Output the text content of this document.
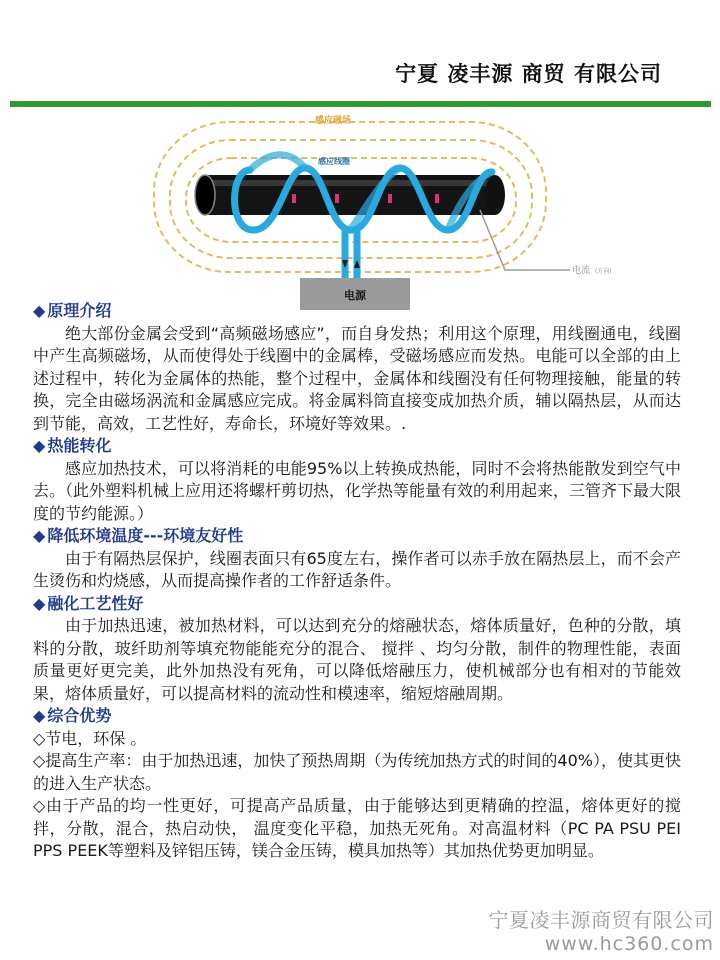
宁夏 凌丰源 商贸 有限公司
感应磁场
感应线圈
电流 (方向)
电源

◆ 原理介绍

绝大部份金属会受到“高频磁场感应”，而自身发热；利用这个原理，用线圈通电，线圈中产生高频磁场，从而使得处于线圈中的金属棒，受磁场感应而发热。电能可以全部的由上述过程中，转化为金属体的热能，整个过程中，金属体和线圈没有任何物理接触，能量的转换，完全由磁场涡流和金属感应完成。将金属料筒直接变成加热介质，辅以隔热层，从而达到节能，高效，工艺性好，寿命长，环境好等效果。.

◆ 热能转化

感应加热技术，可以将消耗的电能95%以上转换成热能，同时不会将热能散发到空气中去。（此外塑料机械上应用还将螺杆剪切热，化学热等能量有效的利用起来，三管齐下最大限度的节约能源。）

◆ 降低环境温度---环境友好性

由于有隔热层保护，线圈表面只有65度左右，操作者可以赤手放在隔热层上，而不会产生烫伤和灼烧感，从而提高操作者的工作舒适条件。

◆ 融化工艺性好

由于加热迅速，被加热材料，可以达到充分的熔融状态，熔体质量好，色种的分散，填料的分散，玻纤助剂等填充物能能充分的混合、 搅拌 、均匀分散，制件的物理性能，表面质量更好更完美，此外加热没有死角，可以降低熔融压力，使机械部分也有相对的节能效果，熔体质量好，可以提高材料的流动性和模速率，缩短熔融周期。

◆ 综合优势

◇节电，环保 。

◇提高生产率：由于加热迅速，加快了预热周期（为传统加热方式的时间的40%），使其更快的进入生产状态。

◇由于产品的均一性更好，可提高产品质量，由于能够达到更精确的控温，熔体更好的搅拌，分散，混合，热启动快， 温度变化平稳，加热无死角。对高温材料（PC PA PSU PEI PPS PEEK等塑料及锌铝压铸，镁合金压铸，模具加热等）其加热优势更加明显。

宁夏凌丰源商贸有限公司
www.hc360.com
